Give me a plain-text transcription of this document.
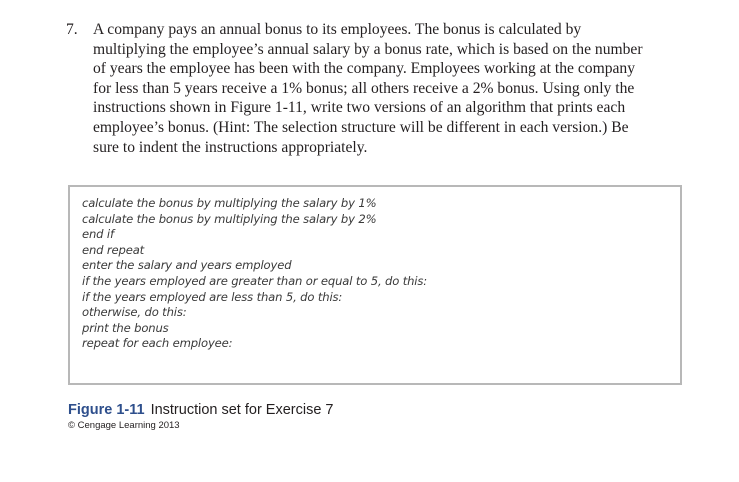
7. A company pays an annual bonus to its employees. The bonus is calculated by
multiplying the employee’s annual salary by a bonus rate, which is based on the number
of years the employee has been with the company. Employees working at the company
for less than 5 years receive a 1% bonus; all others receive a 2% bonus. Using only the
instructions shown in Figure 1-11, write two versions of an algorithm that prints each
employee’s bonus. (Hint: The selection structure will be different in each version.) Be
sure to indent the instructions appropriately.
calculate the bonus by multiplying the salary by 1%
calculate the bonus by multiplying the salary by 2%
end if
end repeat
enter the salary and years employed
if the years employed are greater than or equal to 5, do this:
if the years employed are less than 5, do this:
otherwise, do this:
print the bonus
repeat for each employee:
Figure 1-11 Instruction set for Exercise 7
© Cengage Learning 2013
